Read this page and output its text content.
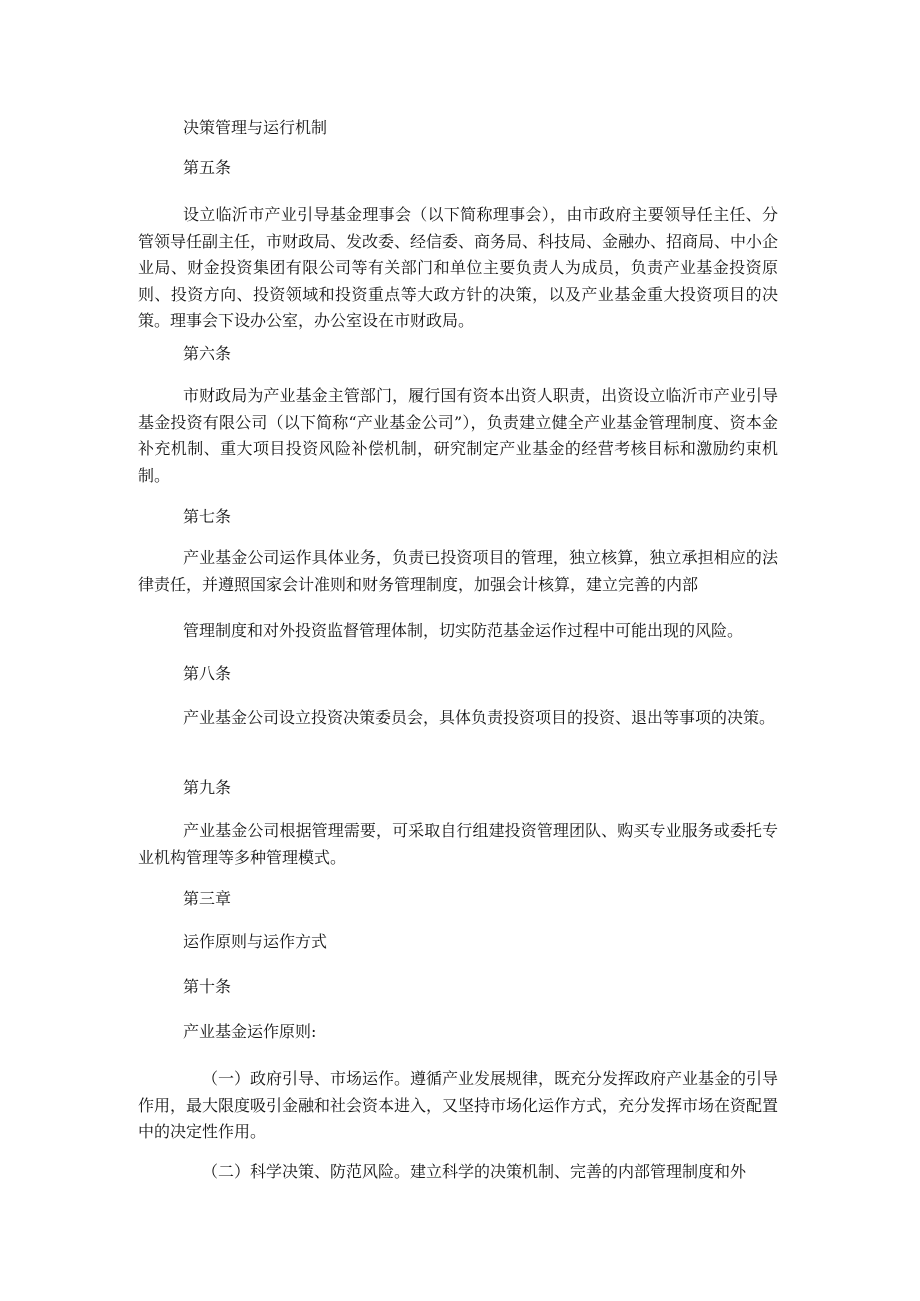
决策管理与运行机制

第五条

设立临沂市产业引导基金理事会（以下简称理事会），由市政府主要领导任主任、分管领导任副主任，市财政局、发改委、经信委、商务局、科技局、金融办、招商局、中小企业局、财金投资集团有限公司等有关部门和单位主要负责人为成员，负责产业基金投资原则、投资方向、投资领域和投资重点等大政方针的决策，以及产业基金重大投资项目的决策。理事会下设办公室，办公室设在市财政局。

第六条

市财政局为产业基金主管部门，履行国有资本出资人职责，出资设立临沂市产业引导基金投资有限公司（以下简称“产业基金公司”），负责建立健全产业基金管理制度、资本金补充机制、重大项目投资风险补偿机制，研究制定产业基金的经营考核目标和激励约束机制。

第七条

产业基金公司运作具体业务，负责已投资项目的管理，独立核算，独立承担相应的法律责任，并遵照国家会计准则和财务管理制度，加强会计核算，建立完善的内部

管理制度和对外投资监督管理体制，切实防范基金运作过程中可能出现的风险。

第八条

产业基金公司设立投资决策委员会，具体负责投资项目的投资、退出等事项的决策。

第九条

产业基金公司根据管理需要，可采取自行组建投资管理团队、购买专业服务或委托专业机构管理等多种管理模式。

第三章

运作原则与运作方式

第十条

产业基金运作原则:

（一）政府引导、市场运作。遵循产业发展规律，既充分发挥政府产业基金的引导作用，最大限度吸引金融和社会资本进入，又坚持市场化运作方式，充分发挥市场在资配置中的决定性作用。

（二）科学决策、防范风险。建立科学的决策机制、完善的内部管理制度和外
